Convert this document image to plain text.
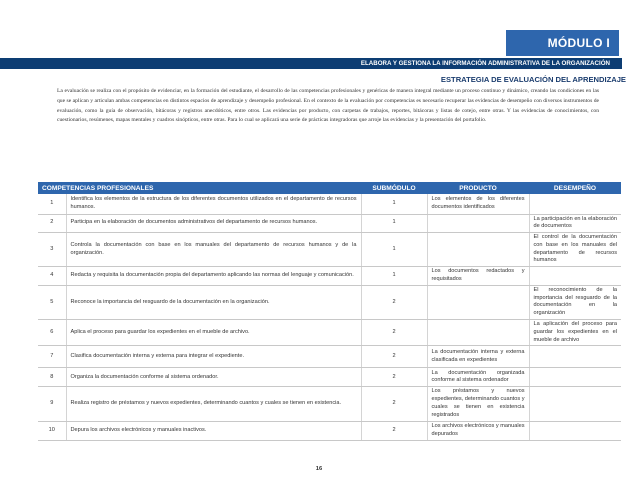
MÓDULO I
ELABORA Y GESTIONA LA INFORMACIÓN ADMINISTRATIVA DE LA ORGANIZACIÓN
ESTRATEGIA DE EVALUACIÓN DEL APRENDIZAJE
La evaluación se realiza con el propósito de evidenciar, en la formación del estudiante, el desarrollo de las competencias profesionales y genéricas de manera integral mediante un proceso continuo y dinámico, creando las condiciones en las que se aplican y articulan ambas competencias en distintos espacios de aprendizaje y desempeño profesional. En el contexto de la evaluación por competencias es necesario recuperar las evidencias de desempeño con diversos instrumentos de evaluación, como la guía de observación, bitácoras y registros anecdóticos, entre otros. Las evidencias por producto, con carpetas de trabajos, reportes, bitácoras y listas de cotejo, entre otras. Y las evidencias de conocimientos, con cuestionarios, resúmenes, mapas mentales y cuadros sinópticos, entre otras. Para lo cual se aplicará una serie de prácticas integradoras que arroje las evidencias y la presentación del portafolio.
COMPETENCIAS PROFESIONALES		SUBMÓDULO	PRODUCTO	DESEMPEÑO
1	Identifica los elementos de la estructura de los diferentes documentos utilizados en el departamento de recursos humanos.	1	Los elementos de los diferentes documentos identificados	
2	Participa en la elaboración de documentos administrativos del departamento de recursos humanos.	1		La participación en la elaboración de documentos
3	Controla la documentación con base en los manuales del departamento de recursos humanos y de la organización.	1		El control de la documentación con base en los manuales del departamento de recursos humanos
4	Redacta y requisita la documentación propia del departamento aplicando las normas del lenguaje y comunicación.	1	Los documentos redactados y requisitados	
5	Reconoce la importancia del resguardo de la documentación en la organización.	2		El reconocimiento de la importancia del resguardo de la documentación en la organización
6	Aplica el proceso para guardar los expedientes en el mueble de archivo.	2		La aplicación del proceso para guardar los expedientes en el mueble de archivo
7	Clasifica documentación interna y externa para integrar el expediente.	2	La documentación interna y externa clasificada en expedientes	
8	Organiza la documentación conforme al sistema ordenador.	2	La documentación organizada conforme al sistema ordenador	
9	Realiza registro de préstamos y nuevos expedientes, determinando cuantos y cuales se tienen en existencia.	2	Los préstamos y nuevos expedientes, determinando cuantos y cuales se tienen en existencia registrados	
10	Depura los archivos electrónicos y manuales inactivos.	2	Los archivos electrónicos y manuales depurados	
16
